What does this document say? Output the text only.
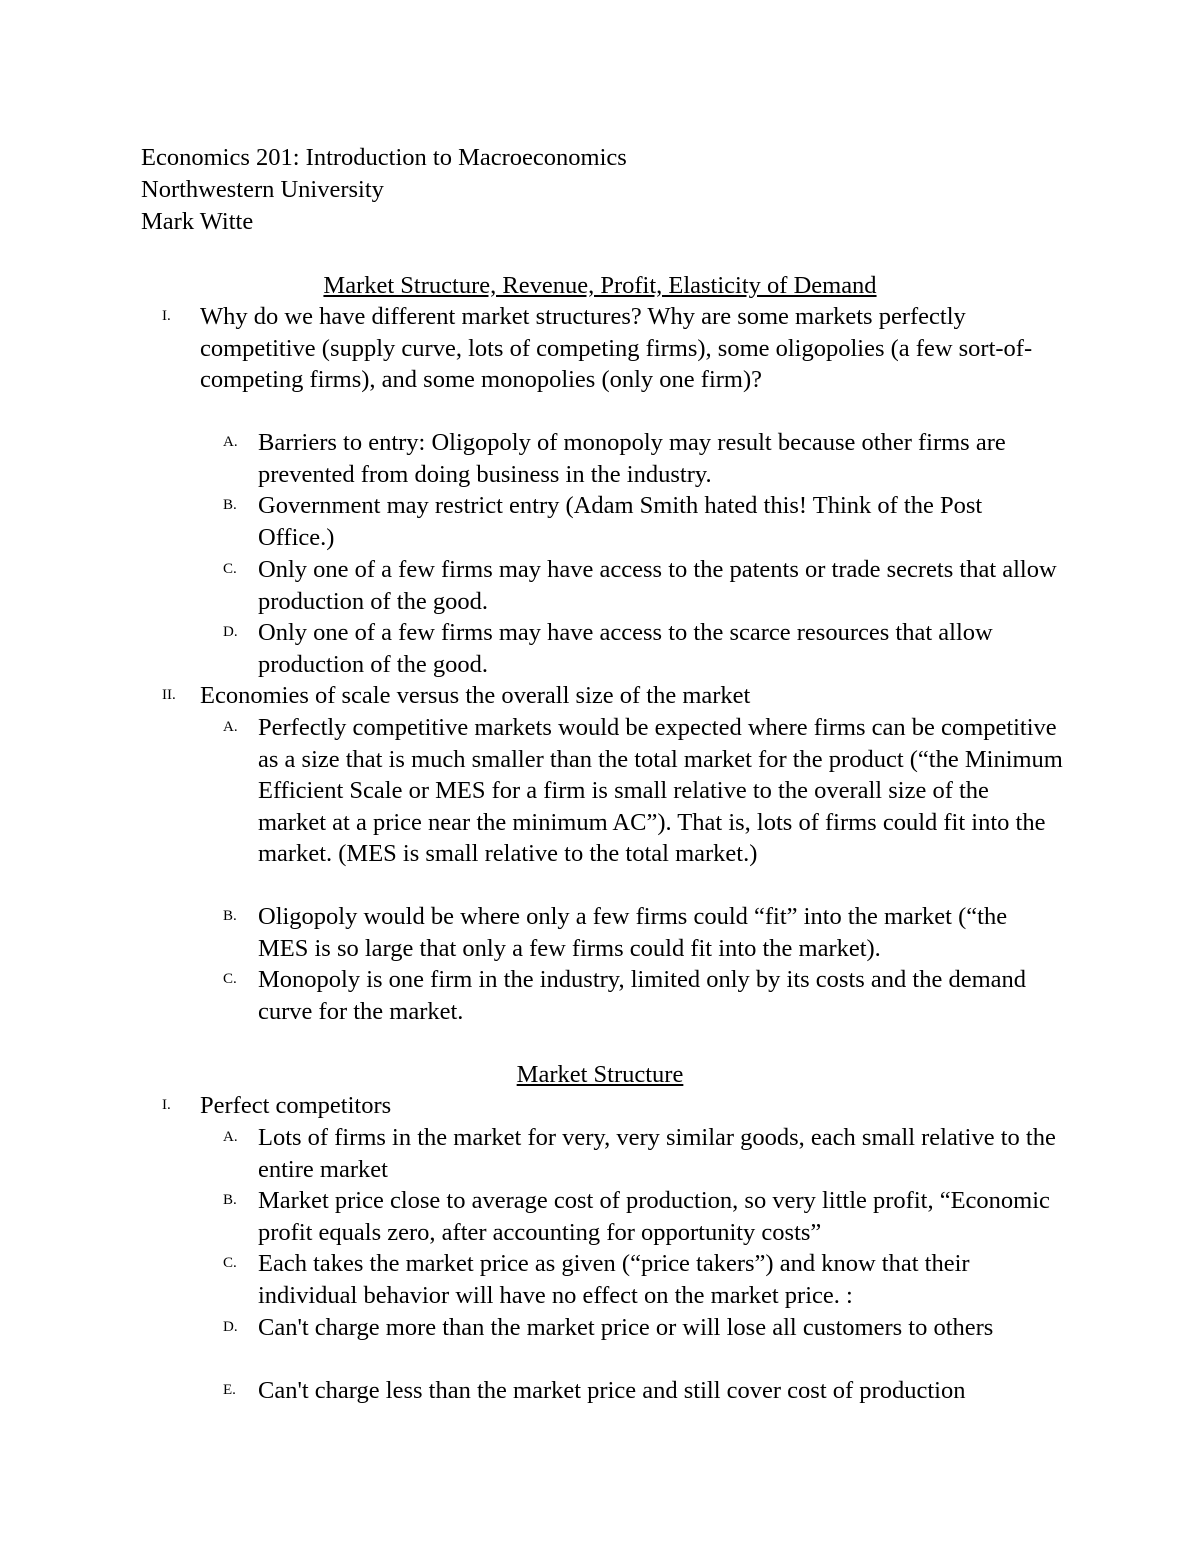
Economics 201: Introduction to Macroeconomics
Northwestern University
Mark Witte
Market Structure, Revenue, Profit, Elasticity of Demand
I. Why do we have different market structures? Why are some markets perfectly competitive (supply curve, lots of competing firms), some oligopolies (a few sort-of-competing firms), and some monopolies (only one firm)?
A. Barriers to entry: Oligopoly of monopoly may result because other firms are prevented from doing business in the industry.
B. Government may restrict entry (Adam Smith hated this! Think of the Post Office.)
C. Only one of a few firms may have access to the patents or trade secrets that allow production of the good.
D. Only one of a few firms may have access to the scarce resources that allow production of the good.
II. Economies of scale versus the overall size of the market
A. Perfectly competitive markets would be expected where firms can be competitive as a size that is much smaller than the total market for the product (“the Minimum Efficient Scale or MES for a firm is small relative to the overall size of the market at a price near the minimum AC”). That is, lots of firms could fit into the market. (MES is small relative to the total market.)
B. Oligopoly would be where only a few firms could “fit” into the market (“the MES is so large that only a few firms could fit into the market).
C. Monopoly is one firm in the industry, limited only by its costs and the demand curve for the market.
Market Structure
I. Perfect competitors
A. Lots of firms in the market for very, very similar goods, each small relative to the entire market
B. Market price close to average cost of production, so very little profit, “Economic profit equals zero, after accounting for opportunity costs”
C. Each takes the market price as given (“price takers”) and know that their individual behavior will have no effect on the market price. :
D. Can't charge more than the market price or will lose all customers to others
E. Can't charge less than the market price and still cover cost of production
